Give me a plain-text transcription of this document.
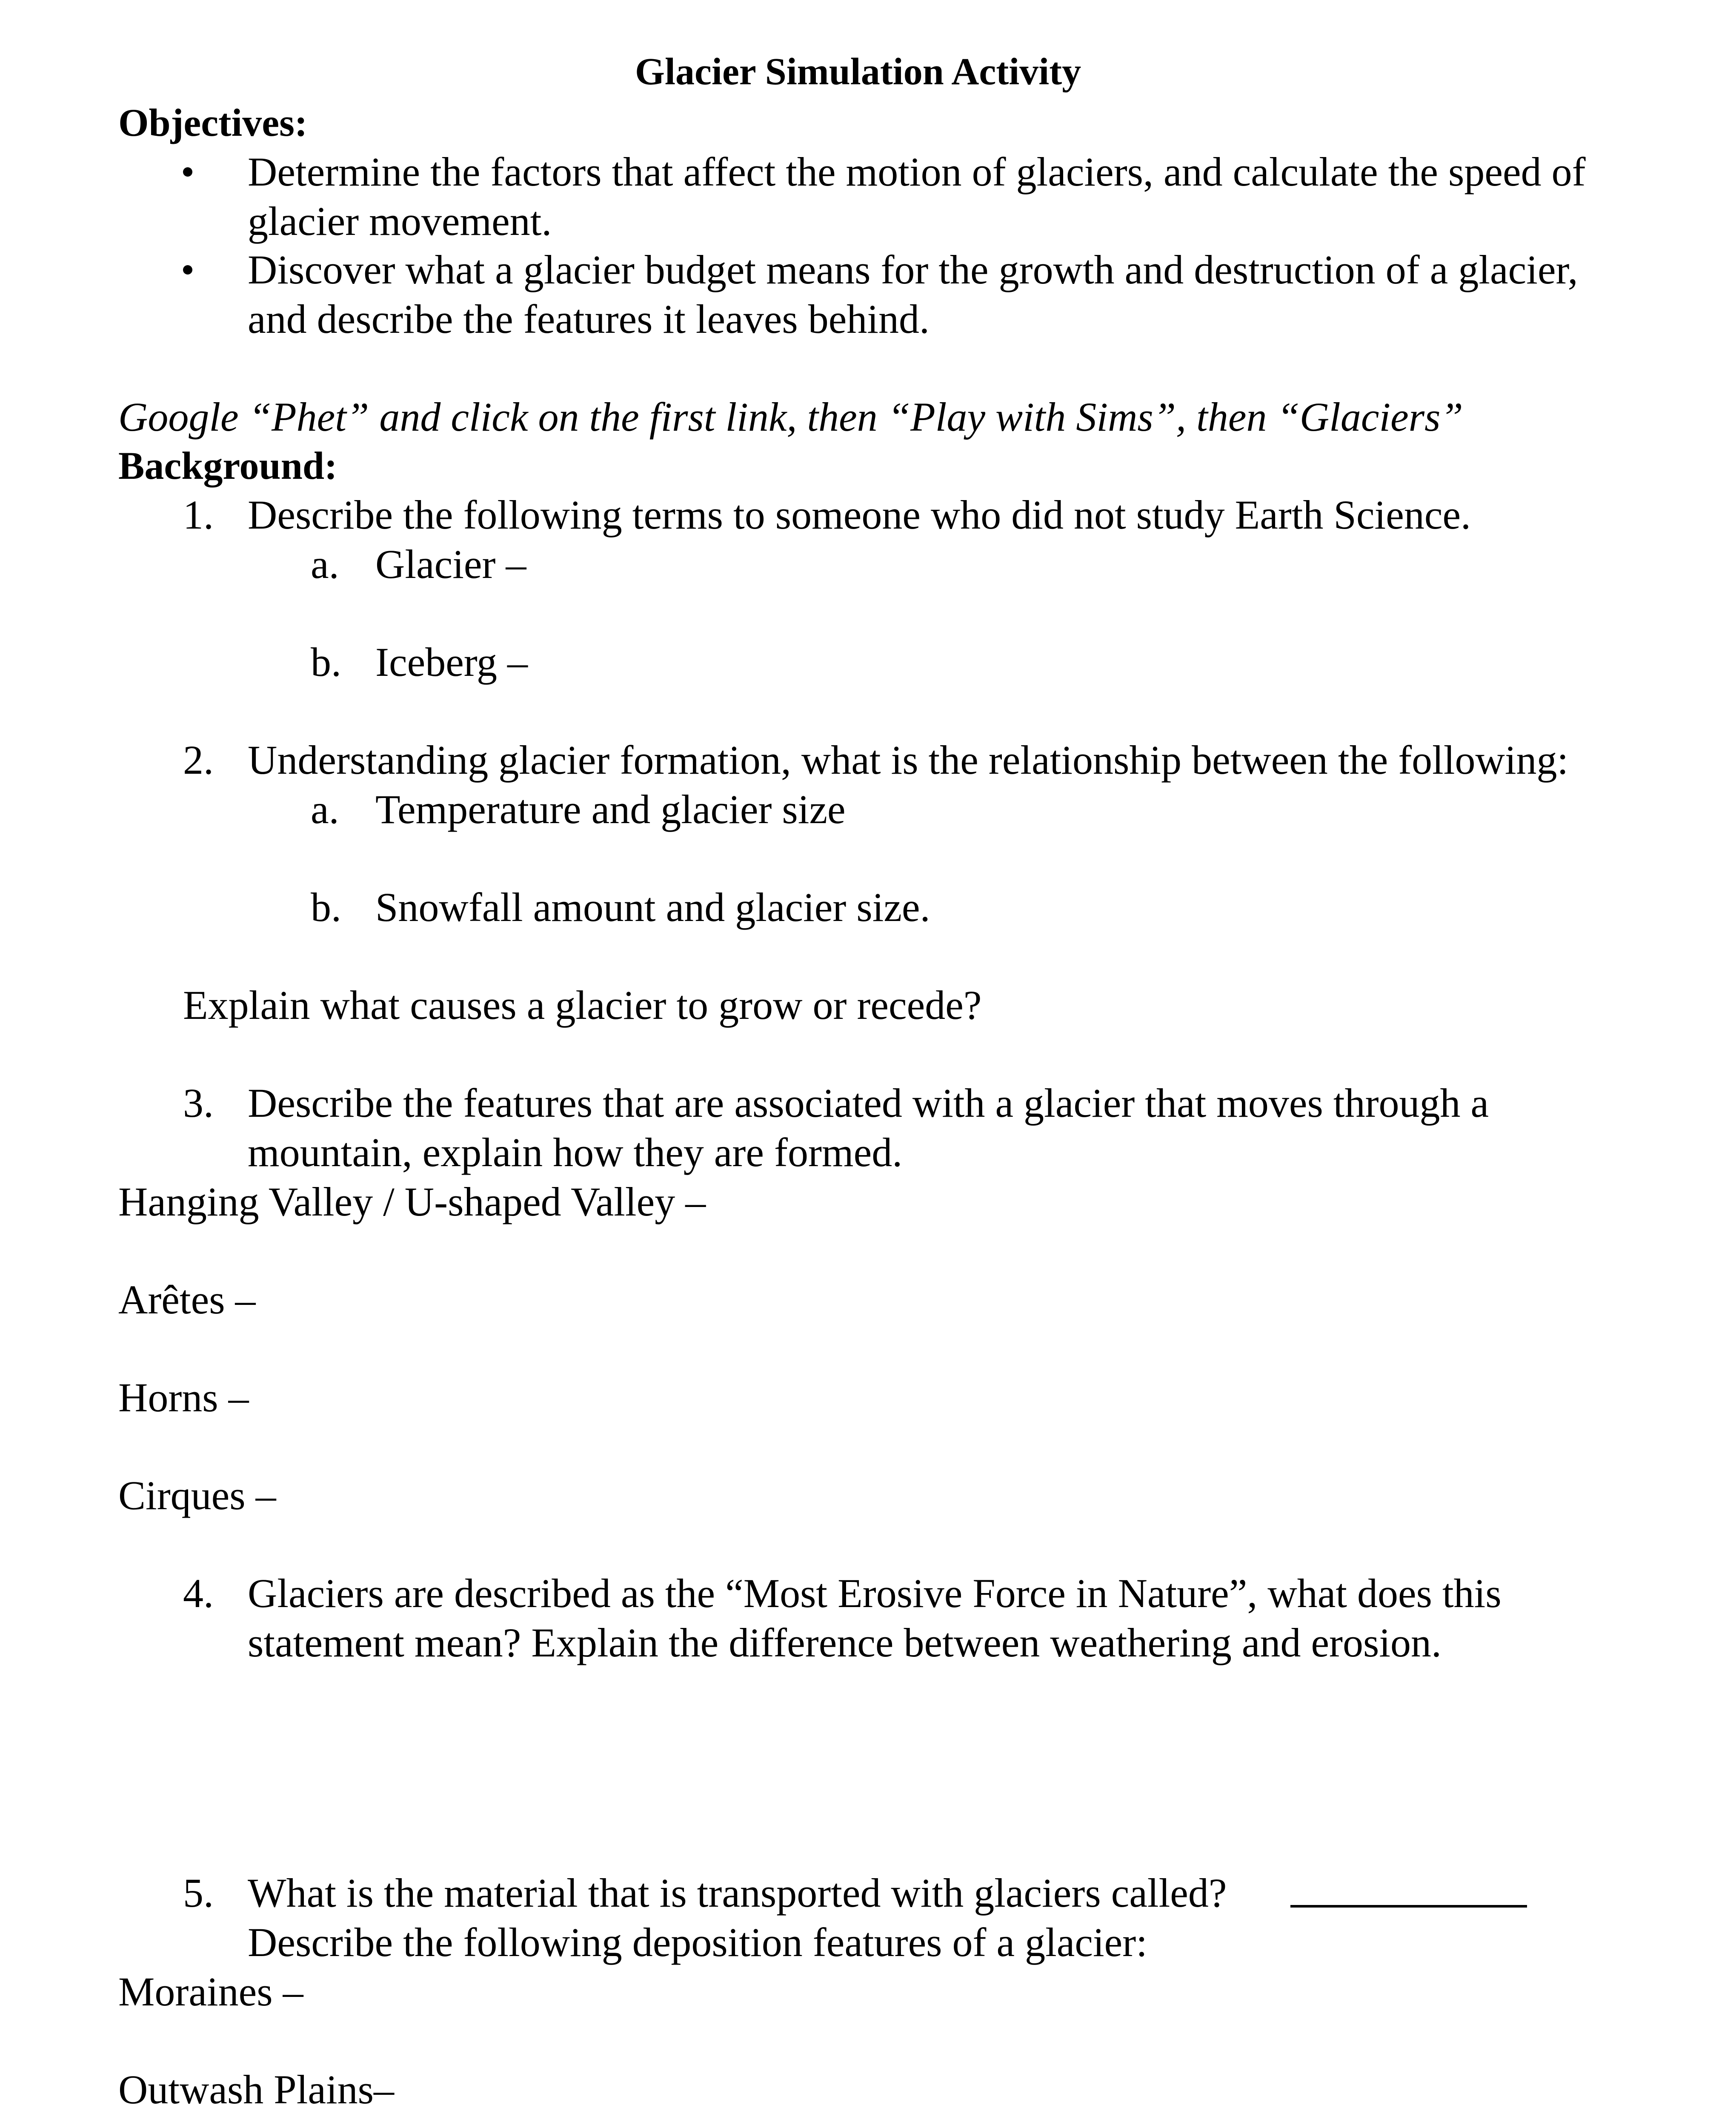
Glacier Simulation Activity
Objectives:
Determine the factors that affect the motion of glaciers, and calculate the speed of
glacier movement.
Discover what a glacier budget means for the growth and destruction of a glacier,
and describe the features it leaves behind.
Google “Phet” and click on the first link, then “Play with Sims”, then “Glaciers”
Background:
1. Describe the following terms to someone who did not study Earth Science.
a. Glacier –
b. Iceberg –
2. Understanding glacier formation, what is the relationship between the following:
a. Temperature and glacier size
b. Snowfall amount and glacier size.
Explain what causes a glacier to grow or recede?
3. Describe the features that are associated with a glacier that moves through a
mountain, explain how they are formed.
Hanging Valley / U-shaped Valley –
Arêtes –
Horns –
Cirques –
4. Glaciers are described as the “Most Erosive Force in Nature”, what does this
statement mean? Explain the difference between weathering and erosion.
5. What is the material that is transported with glaciers called?
Describe the following deposition features of a glacier:
Moraines –
Outwash Plains–
